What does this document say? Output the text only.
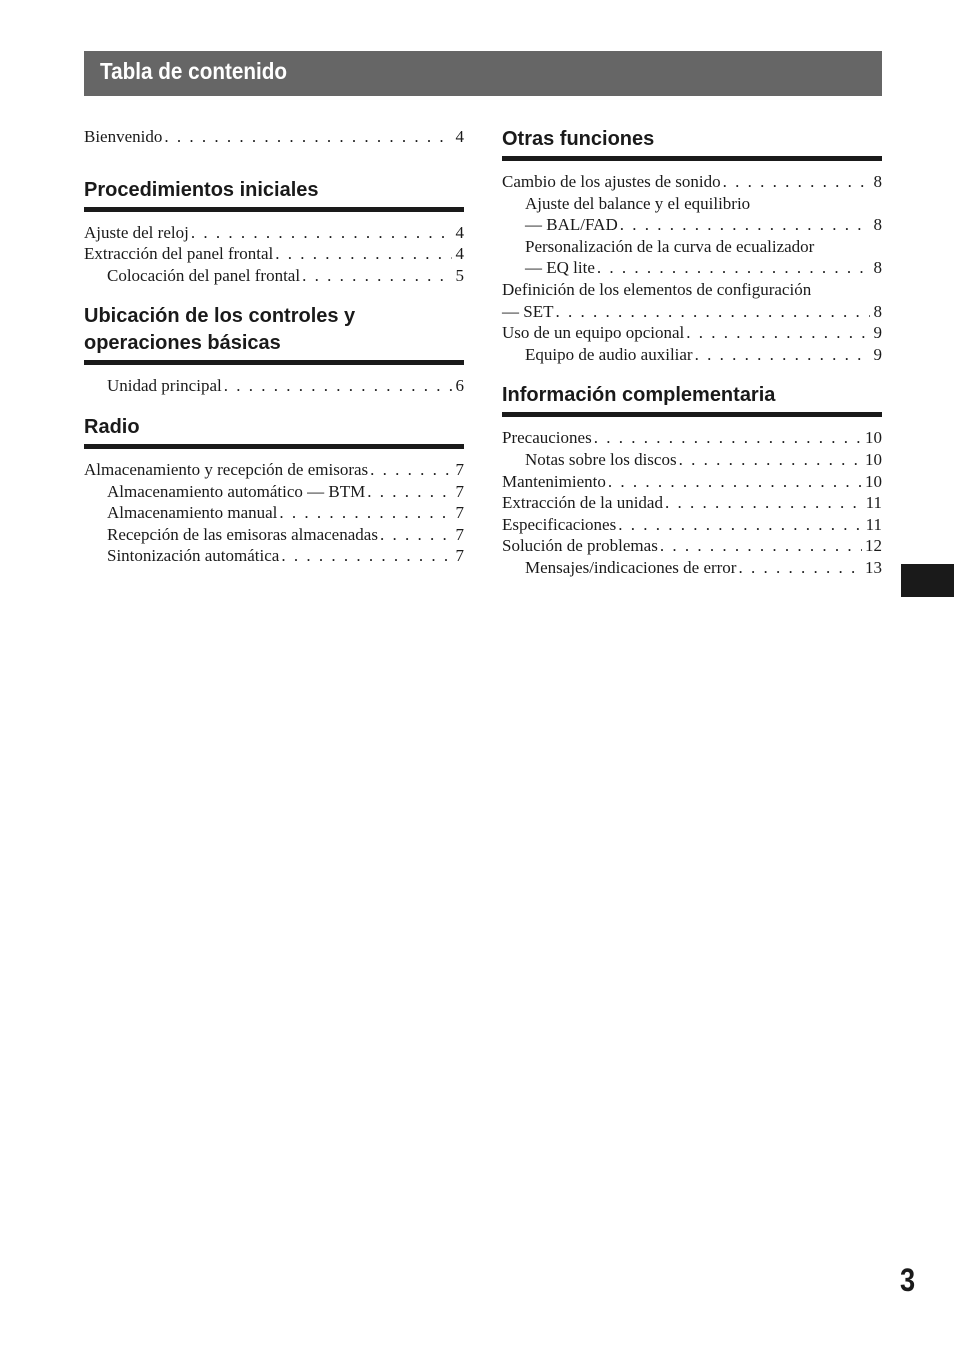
Tabla de contenido
Bienvenido . . .	4
Procedimientos iniciales
Ajuste del reloj . . .	4
Extracción del panel frontal . . .	4
Colocación del panel frontal . . .	5
Ubicación de los controles y
operaciones básicas
Unidad principal . . .	6
Radio
Almacenamiento y recepción de emisoras . . .	7
Almacenamiento automático — BTM . . .	7
Almacenamiento manual . . .	7
Recepción de las emisoras almacenadas . . .	7
Sintonización automática . . .	7
Otras funciones
Cambio de los ajustes de sonido . . .	8
Ajuste del balance y el equilibrio
— BAL/FAD . . .	8
Personalización de la curva de ecualizador
— EQ lite . . .	8
Definición de los elementos de configuración
— SET . . .	8
Uso de un equipo opcional . . .	9
Equipo de audio auxiliar . . .	9
Información complementaria
Precauciones . . .	10
Notas sobre los discos . . .	10
Mantenimiento . . .	10
Extracción de la unidad . . .	11
Especificaciones . . .	11
Solución de problemas . . .	12
Mensajes/indicaciones de error . . .	13
3
